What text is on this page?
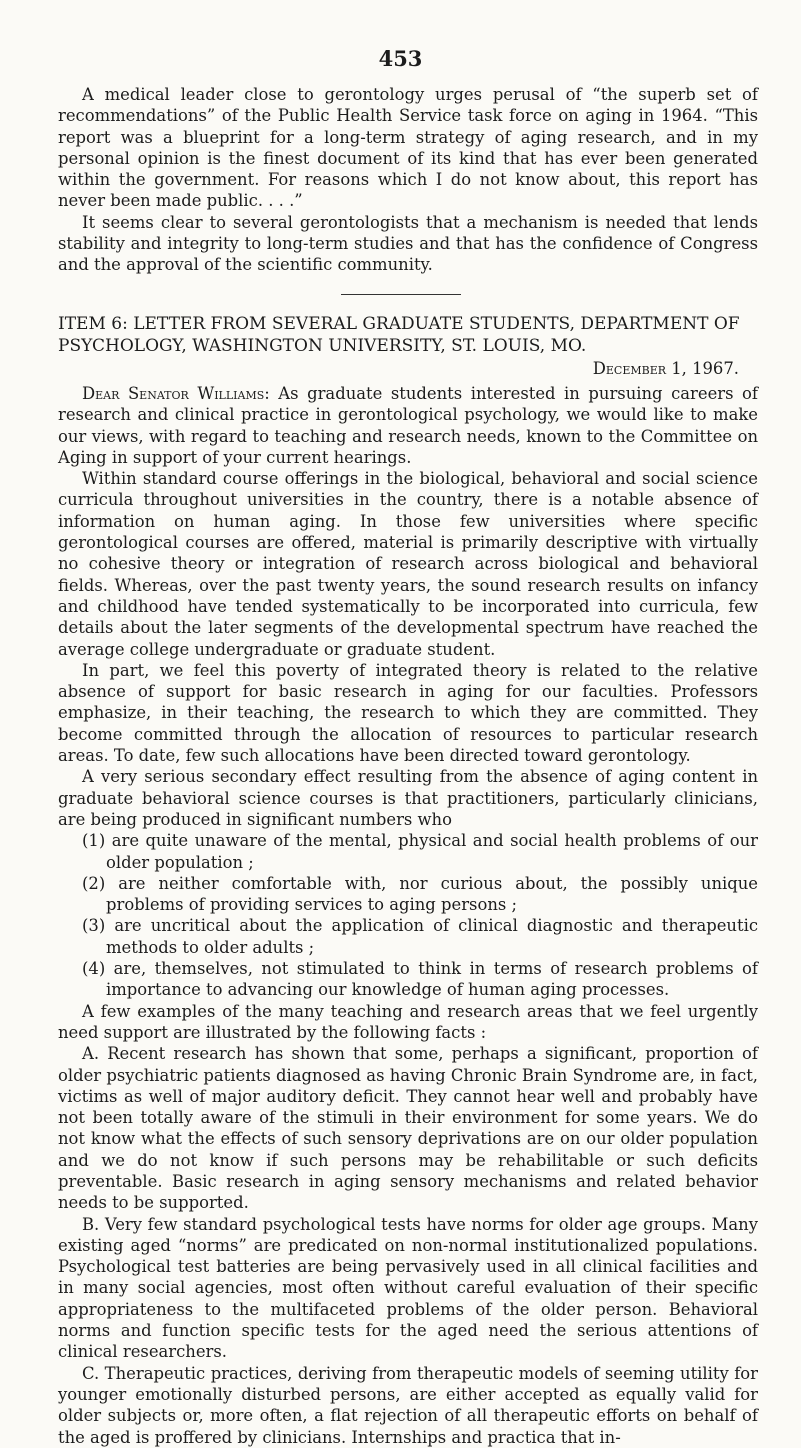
453

A medical leader close to gerontology urges perusal of “the superb set of recommendations” of the Public Health Service task force on aging in 1964. “This report was a blueprint for a long-term strategy of aging research, and in my personal opinion is the finest document of its kind that has ever been generated within the government. For reasons which I do not know about, this report has never been made public. . . .”

It seems clear to several gerontologists that a mechanism is needed that lends stability and integrity to long-term studies and that has the confidence of Congress and the approval of the scientific community.

ITEM 6: LETTER FROM SEVERAL GRADUATE STUDENTS, DEPARTMENT OF PSYCHOLOGY, WASHINGTON UNIVERSITY, ST. LOUIS, MO.
December 1, 1967.

Dear Senator Williams: As graduate students interested in pursuing careers of research and clinical practice in gerontological psychology, we would like to make our views, with regard to teaching and research needs, known to the Committee on Aging in support of your current hearings.

Within standard course offerings in the biological, behavioral and social science curricula throughout universities in the country, there is a notable absence of information on human aging. In those few universities where specific gerontological courses are offered, material is primarily descriptive with virtually no cohesive theory or integration of research across biological and behavioral fields. Whereas, over the past twenty years, the sound research results on infancy and childhood have tended systematically to be incorporated into curricula, few details about the later segments of the developmental spectrum have reached the average college undergraduate or graduate student.

In part, we feel this poverty of integrated theory is related to the relative absence of support for basic research in aging for our faculties. Professors emphasize, in their teaching, the research to which they are committed. They become committed through the allocation of resources to particular research areas. To date, few such allocations have been directed toward gerontology.

A very serious secondary effect resulting from the absence of aging content in graduate behavioral science courses is that practitioners, particularly clinicians, are being produced in significant numbers who

(1) are quite unaware of the mental, physical and social health problems of our older population ;

(2) are neither comfortable with, nor curious about, the possibly unique problems of providing services to aging persons ;

(3) are uncritical about the application of clinical diagnostic and therapeutic methods to older adults ;

(4) are, themselves, not stimulated to think in terms of research problems of importance to advancing our knowledge of human aging processes.

A few examples of the many teaching and research areas that we feel urgently need support are illustrated by the following facts :

A. Recent research has shown that some, perhaps a significant, proportion of older psychiatric patients diagnosed as having Chronic Brain Syndrome are, in fact, victims as well of major auditory deficit. They cannot hear well and probably have not been totally aware of the stimuli in their environment for some years. We do not know what the effects of such sensory deprivations are on our older population and we do not know if such persons may be rehabilitable or such deficits preventable. Basic research in aging sensory mechanisms and related behavior needs to be supported.

B. Very few standard psychological tests have norms for older age groups. Many existing aged “norms” are predicated on non-normal institutionalized populations. Psychological test batteries are being pervasively used in all clinical facilities and in many social agencies, most often without careful evaluation of their specific appropriateness to the multifaceted problems of the older person. Behavioral norms and function specific tests for the aged need the serious attentions of clinical researchers.

C. Therapeutic practices, deriving from therapeutic models of seeming utility for younger emotionally disturbed persons, are either accepted as equally valid for older subjects or, more often, a flat rejection of all therapeutic efforts on behalf of the aged is proffered by clinicians. Internships and practica that in-
